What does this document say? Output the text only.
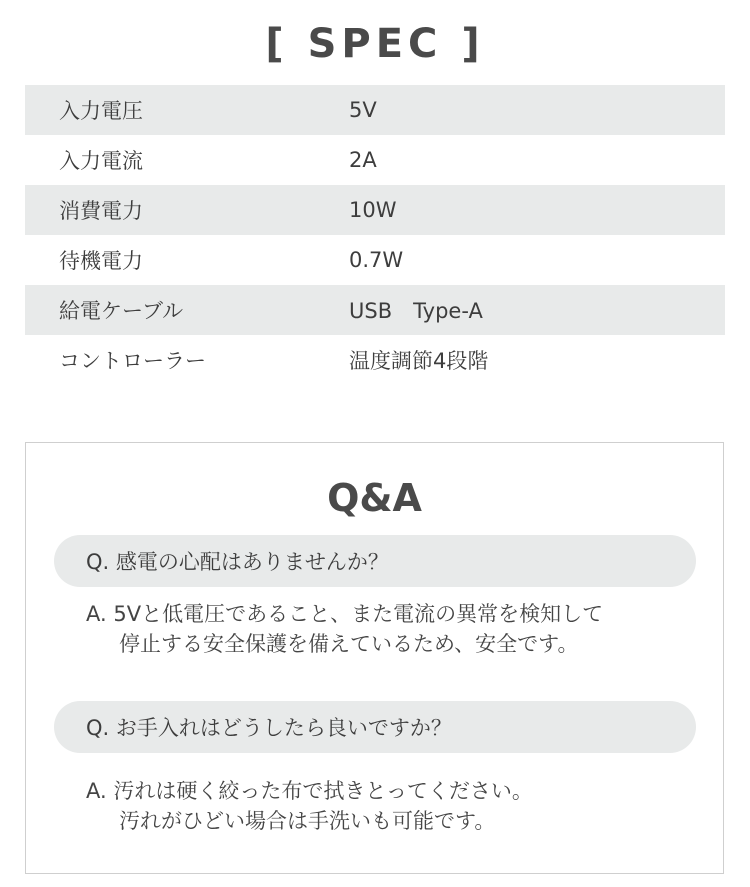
[ SPEC ]
入力電圧	5V
入力電流	2A
消費電力	10W
待機電力	0.7W
給電ケーブル	USB　Type-A
コントローラー	温度調節4段階
Q&A
Q. 感電の心配はありませんか？
A. 5Vと低電圧であること、また電流の異常を検知して
停止する安全保護を備えているため、安全です。
Q. お手入れはどうしたら良いですか？
A. 汚れは硬く絞った布で拭きとってください。
汚れがひどい場合は手洗いも可能です。
